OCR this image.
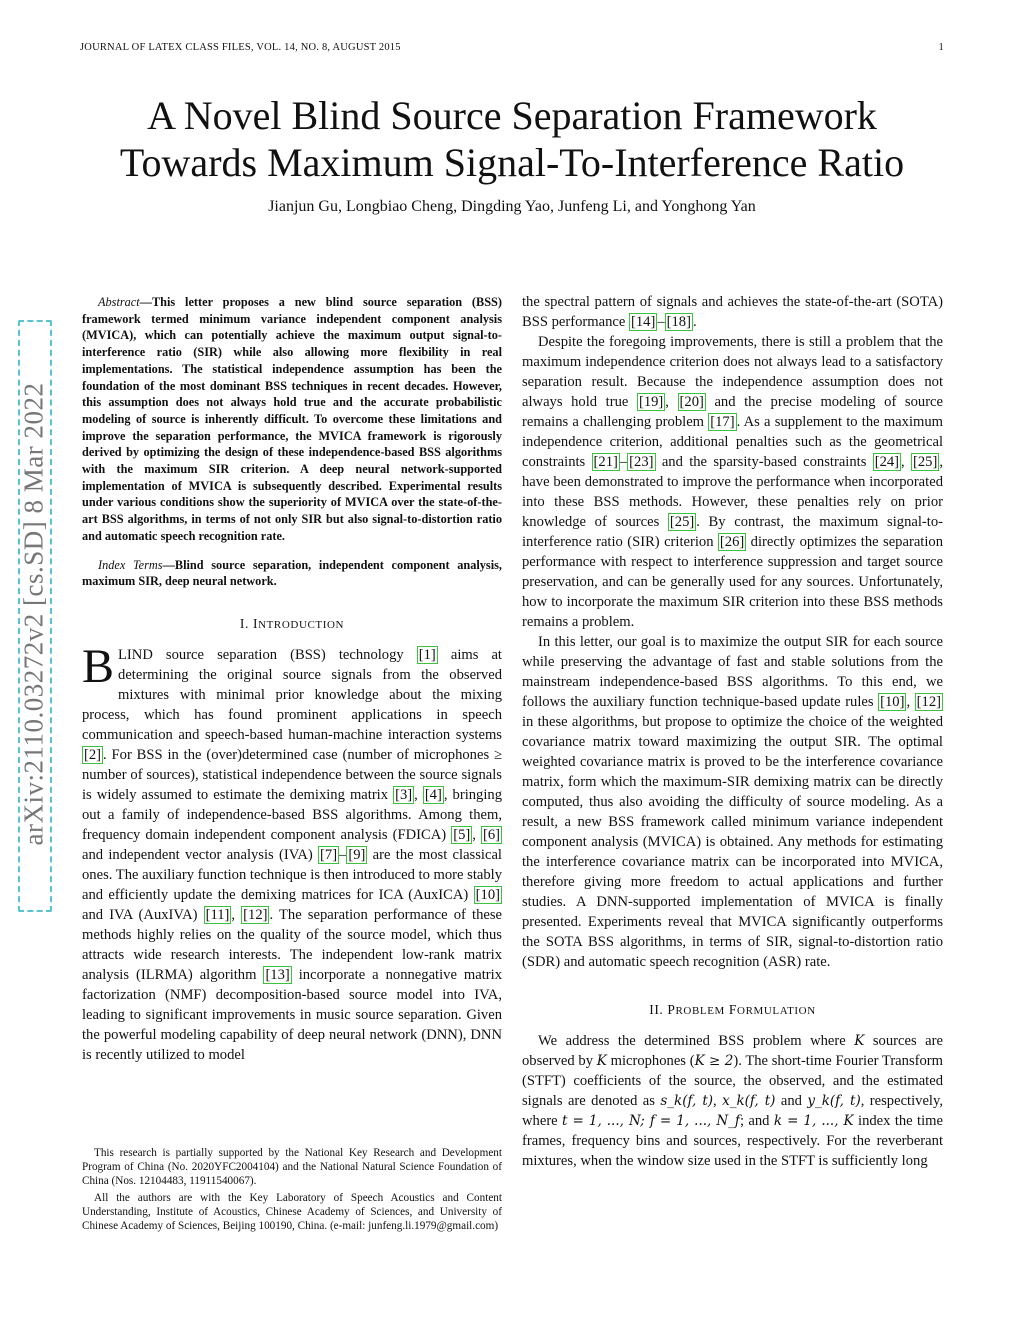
JOURNAL OF LATEX CLASS FILES, VOL. 14, NO. 8, AUGUST 2015	1
A Novel Blind Source Separation Framework
Towards Maximum Signal-To-Interference Ratio
Jianjun Gu, Longbiao Cheng, Dingding Yao, Junfeng Li, and Yonghong Yan
arXiv:2110.03272v2 [cs.SD] 8 Mar 2022

Abstract—This letter proposes a new blind source separation (BSS) framework termed minimum variance independent component analysis (MVICA), which can potentially achieve the maximum output signal-to-interference ratio (SIR) while also allowing more flexibility in real implementations. The statistical independence assumption has been the foundation of the most dominant BSS techniques in recent decades. However, this assumption does not always hold true and the accurate probabilistic modeling of source is inherently difficult. To overcome these limitations and improve the separation performance, the MVICA framework is rigorously derived by optimizing the design of these independence-based BSS algorithms with the maximum SIR criterion. A deep neural network-supported implementation of MVICA is subsequently described. Experimental results under various conditions show the superiority of MVICA over the state-of-the-art BSS algorithms, in terms of not only SIR but also signal-to-distortion ratio and automatic speech recognition rate.

Index Terms—Blind source separation, independent component analysis, maximum SIR, deep neural network.

I. INTRODUCTION

BLIND source separation (BSS) technology [1] aims at determining the original source signals from the observed mixtures with minimal prior knowledge about the mixing process, which has found prominent applications in speech communication and speech-based human-machine interaction systems [2] . For BSS in the (over)determined case (number of microphones ≥ number of sources), statistical independence between the source signals is widely assumed to estimate the demixing matrix [3] , [4] , bringing out a family of independence-based BSS algorithms. Among them, frequency domain independent component analysis (FDICA) [5] , [6] and independent vector analysis (IVA) [7] – [9] are the most classical ones. The auxiliary function technique is then introduced to more stably and efficiently update the demixing matrices for ICA (AuxICA) [10] and IVA (AuxIVA) [11] , [12] . The separation performance of these methods highly relies on the quality of the source model, which thus attracts wide research interests. The independent low-rank matrix analysis (ILRMA) algorithm [13] incorporate a nonnegative matrix factorization (NMF) decomposition-based source model into IVA, leading to significant improvements in music source separation. Given the powerful modeling capability of deep neural network (DNN), DNN is recently utilized to model

This research is partially supported by the National Key Research and Development Program of China (No. 2020YFC2004104) and the National Natural Science Foundation of China (Nos. 12104483, 11911540067).
All the authors are with the Key Laboratory of Speech Acoustics and Content Understanding, Institute of Acoustics, Chinese Academy of Sciences, and University of Chinese Academy of Sciences, Beijing 100190, China. (e-mail: junfeng.li.1979@gmail.com)

the spectral pattern of signals and achieves the state-of-the-art (SOTA) BSS performance [14] – [18] .

Despite the foregoing improvements, there is still a problem that the maximum independence criterion does not always lead to a satisfactory separation result. Because the independence assumption does not always hold true [19] , [20] and the precise modeling of source remains a challenging problem [17] . As a supplement to the maximum independence criterion, additional penalties such as the geometrical constraints [21] – [23] and the sparsity-based constraints [24] , [25] , have been demonstrated to improve the performance when incorporated into these BSS methods. However, these penalties rely on prior knowledge of sources [25] . By contrast, the maximum signal-to-interference ratio (SIR) criterion [26] directly optimizes the separation performance with respect to interference suppression and target source preservation, and can be generally used for any sources. Unfortunately, how to incorporate the maximum SIR criterion into these BSS methods remains a problem.

In this letter, our goal is to maximize the output SIR for each source while preserving the advantage of fast and stable solutions from the mainstream independence-based BSS algorithms. To this end, we follows the auxiliary function technique-based update rules [10] , [12] in these algorithms, but propose to optimize the choice of the weighted covariance matrix toward maximizing the output SIR. The optimal weighted covariance matrix is proved to be the interference covariance matrix, form which the maximum-SIR demixing matrix can be directly computed, thus also avoiding the difficulty of source modeling. As a result, a new BSS framework called minimum variance independent component analysis (MVICA) is obtained. Any methods for estimating the interference covariance matrix can be incorporated into MVICA, therefore giving more freedom to actual applications and further studies. A DNN-supported implementation of MVICA is finally presented. Experiments reveal that MVICA significantly outperforms the SOTA BSS algorithms, in terms of SIR, signal-to-distortion ratio (SDR) and automatic speech recognition (ASR) rate.

II. PROBLEM FORMULATION

We address the determined BSS problem where K sources are observed by K microphones (K ≥ 2). The short-time Fourier Transform (STFT) coefficients of the source, the observed, and the estimated signals are denoted as s_k(f, t), x_k(f, t) and y_k(f, t), respectively, where t = 1, ..., N; f = 1, ..., N_f; and k = 1, ..., K index the time frames, frequency bins and sources, respectively. For the reverberant mixtures, when the window size used in the STFT is sufficiently long
